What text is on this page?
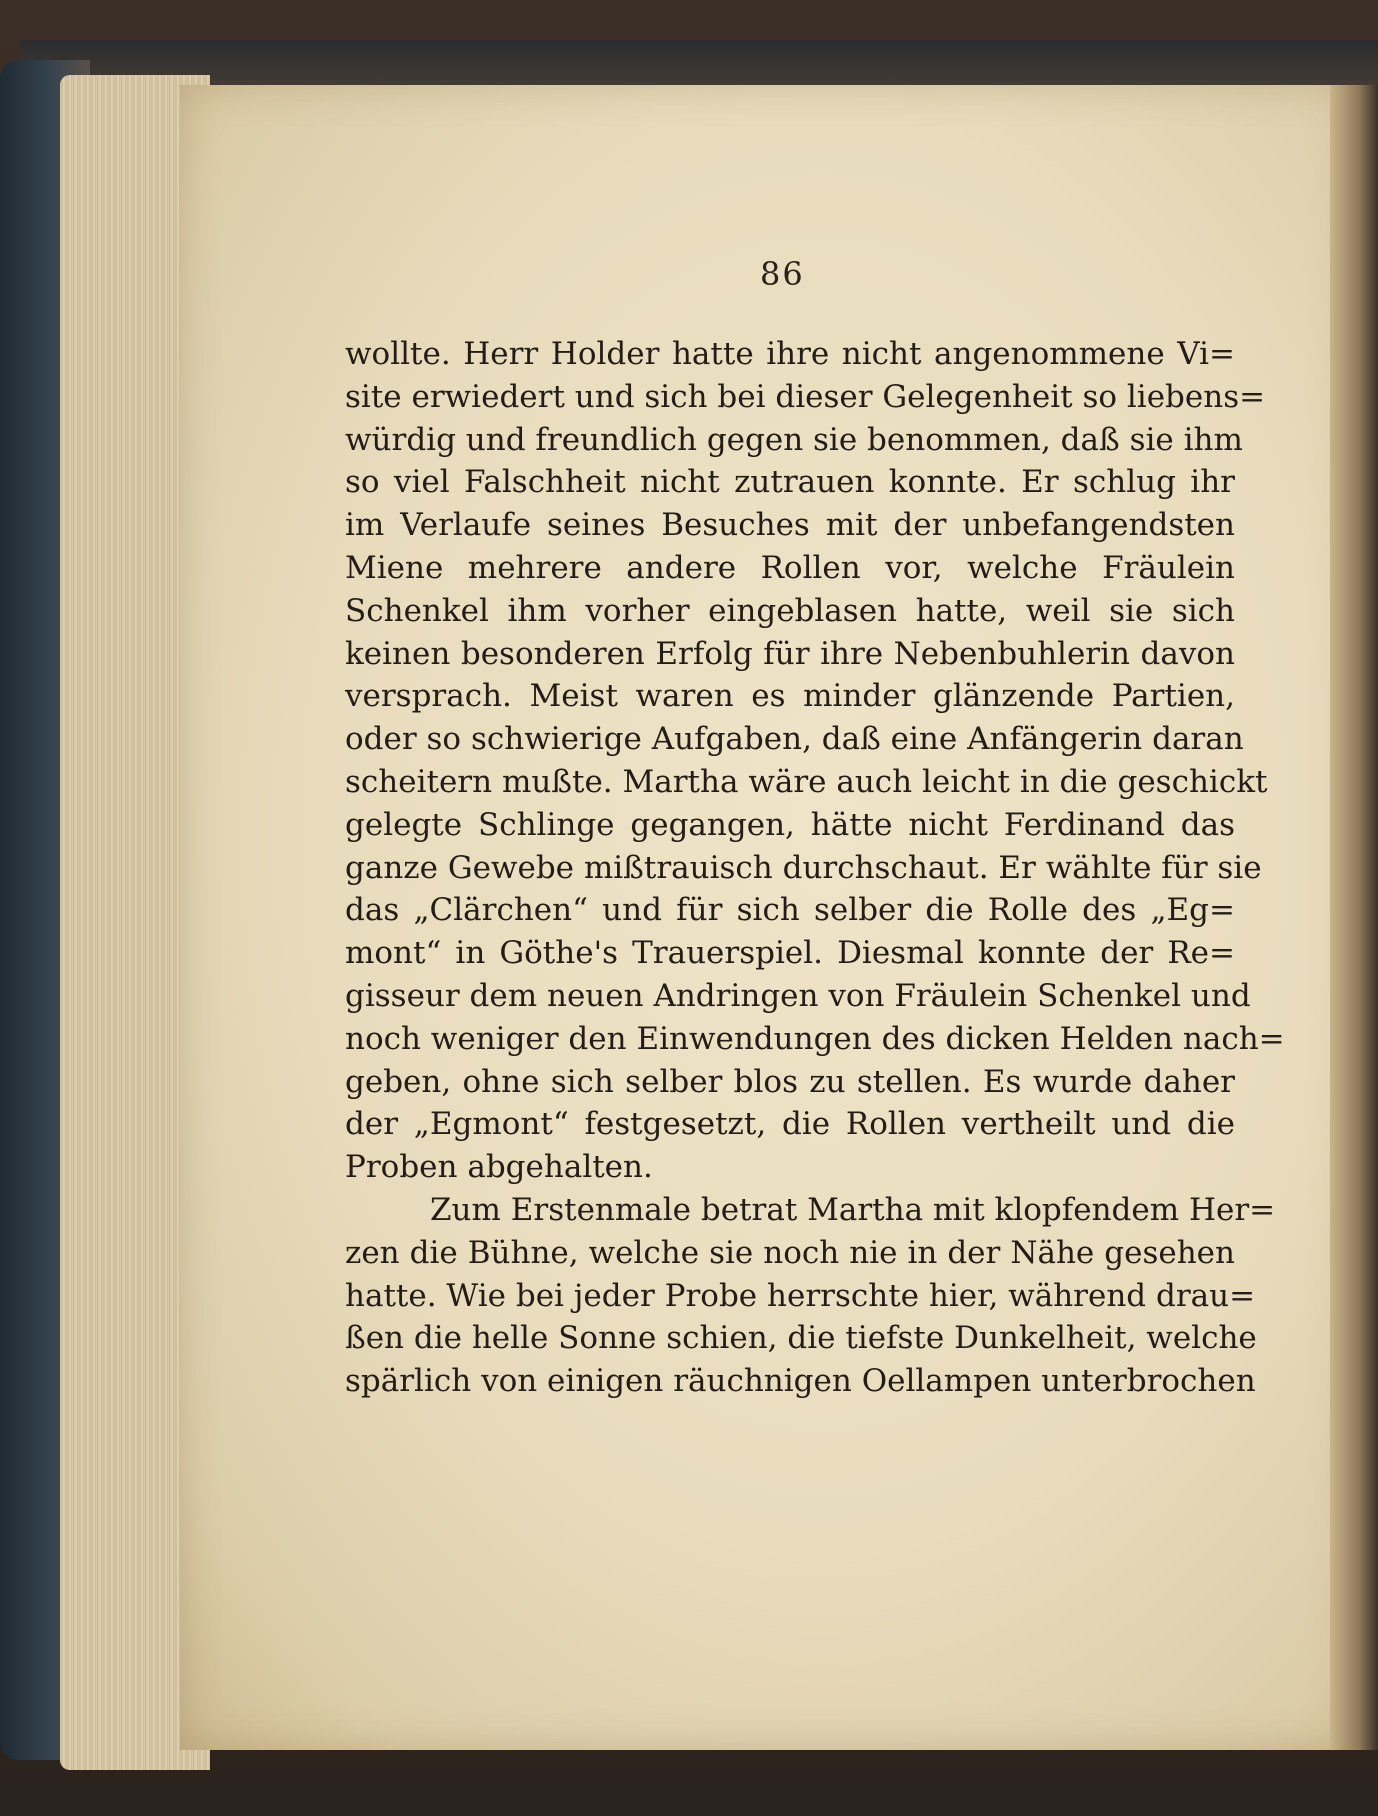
86
wollte. Herr Holder hatte ihre nicht angenommene Vi=
site erwiedert und sich bei dieser Gelegenheit so liebens=
würdig und freundlich gegen sie benommen, daß sie ihm
so viel Falschheit nicht zutrauen konnte. Er schlug ihr
im Verlaufe seines Besuches mit der unbefangendsten
Miene mehrere andere Rollen vor, welche Fräulein
Schenkel ihm vorher eingeblasen hatte, weil sie sich
keinen besonderen Erfolg für ihre Nebenbuhlerin davon
versprach. Meist waren es minder glänzende Partien,
oder so schwierige Aufgaben, daß eine Anfängerin daran
scheitern mußte. Martha wäre auch leicht in die geschickt
gelegte Schlinge gegangen, hätte nicht Ferdinand das
ganze Gewebe mißtrauisch durchschaut. Er wählte für sie
das „Clärchen“ und für sich selber die Rolle des „Eg=
mont“ in Göthe's Trauerspiel. Diesmal konnte der Re=
gisseur dem neuen Andringen von Fräulein Schenkel und
noch weniger den Einwendungen des dicken Helden nach=
geben, ohne sich selber blos zu stellen. Es wurde daher
der „Egmont“ festgesetzt, die Rollen vertheilt und die
Proben abgehalten.
Zum Erstenmale betrat Martha mit klopfendem Her=
zen die Bühne, welche sie noch nie in der Nähe gesehen
hatte. Wie bei jeder Probe herrschte hier, während drau=
ßen die helle Sonne schien, die tiefste Dunkelheit, welche
spärlich von einigen räuchnigen Oellampen unterbrochen
